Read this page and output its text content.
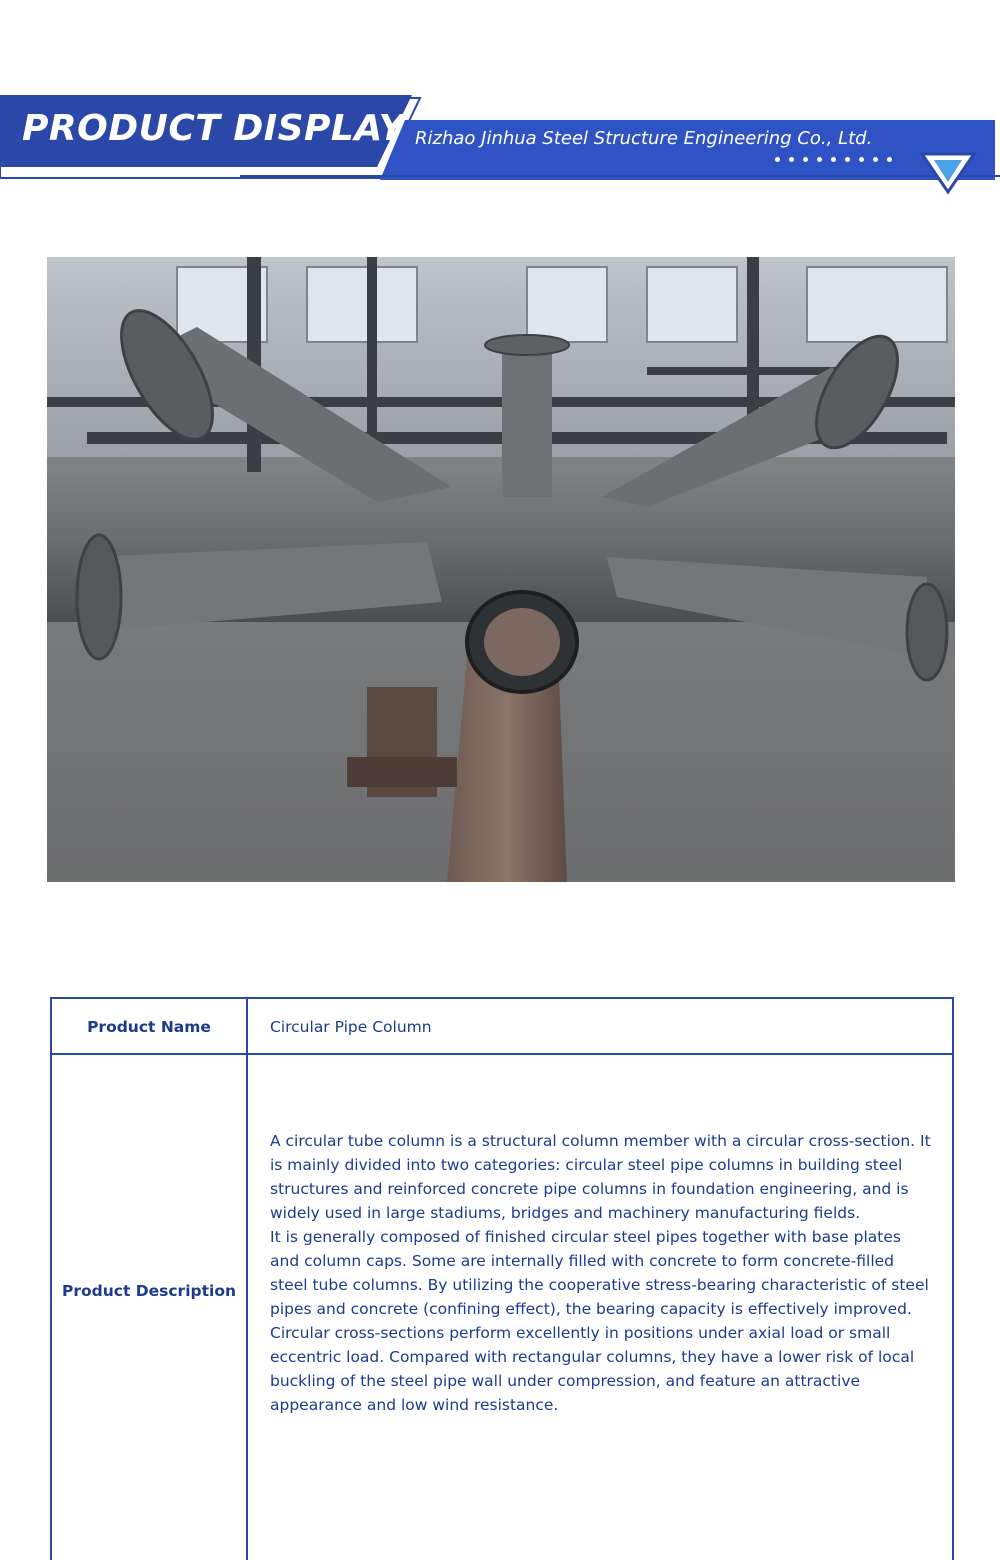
PRODUCT DISPLAY Rizhao Jinhua Steel Structure Engineering Co., Ltd.
Product Name	Circular Pipe Column
Product Description

A circular tube column is a structural column member with a circular cross-section. It is mainly divided into two categories: circular steel pipe columns in building steel structures and reinforced concrete pipe columns in foundation engineering, and is widely used in large stadiums, bridges and machinery manufacturing fields.

It is generally composed of finished circular steel pipes together with base plates and column caps. Some are internally filled with concrete to form concrete-filled steel tube columns. By utilizing the cooperative stress-bearing characteristic of steel pipes and concrete (confining effect), the bearing capacity is effectively improved.

Circular cross-sections perform excellently in positions under axial load or small eccentric load. Compared with rectangular columns, they have a lower risk of local buckling of the steel pipe wall under compression, and feature an attractive appearance and low wind resistance.
